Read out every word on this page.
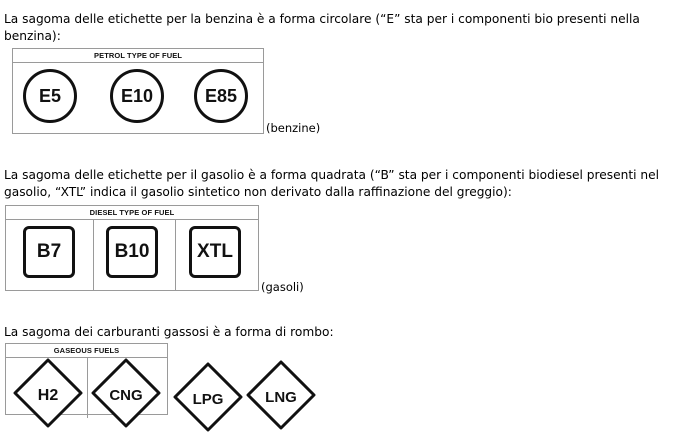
La sagoma delle etichette per la benzina è a forma circolare (“E” sta per i componenti bio presenti nella benzina):

PETROL TYPE OF FUEL
E5	E10	E85
(benzine)

La sagoma delle etichette per il gasolio è a forma quadrata (“B” sta per i componenti biodiesel presenti nel gasolio, “XTL” indica il gasolio sintetico non derivato dalla raffinazione del greggio):

DIESEL TYPE OF FUEL
B7	B10	XTL
(gasoli)

La sagoma dei carburanti gassosi è a forma di rombo:

GASEOUS FUELS
H2	CNG	LPG	LNG
